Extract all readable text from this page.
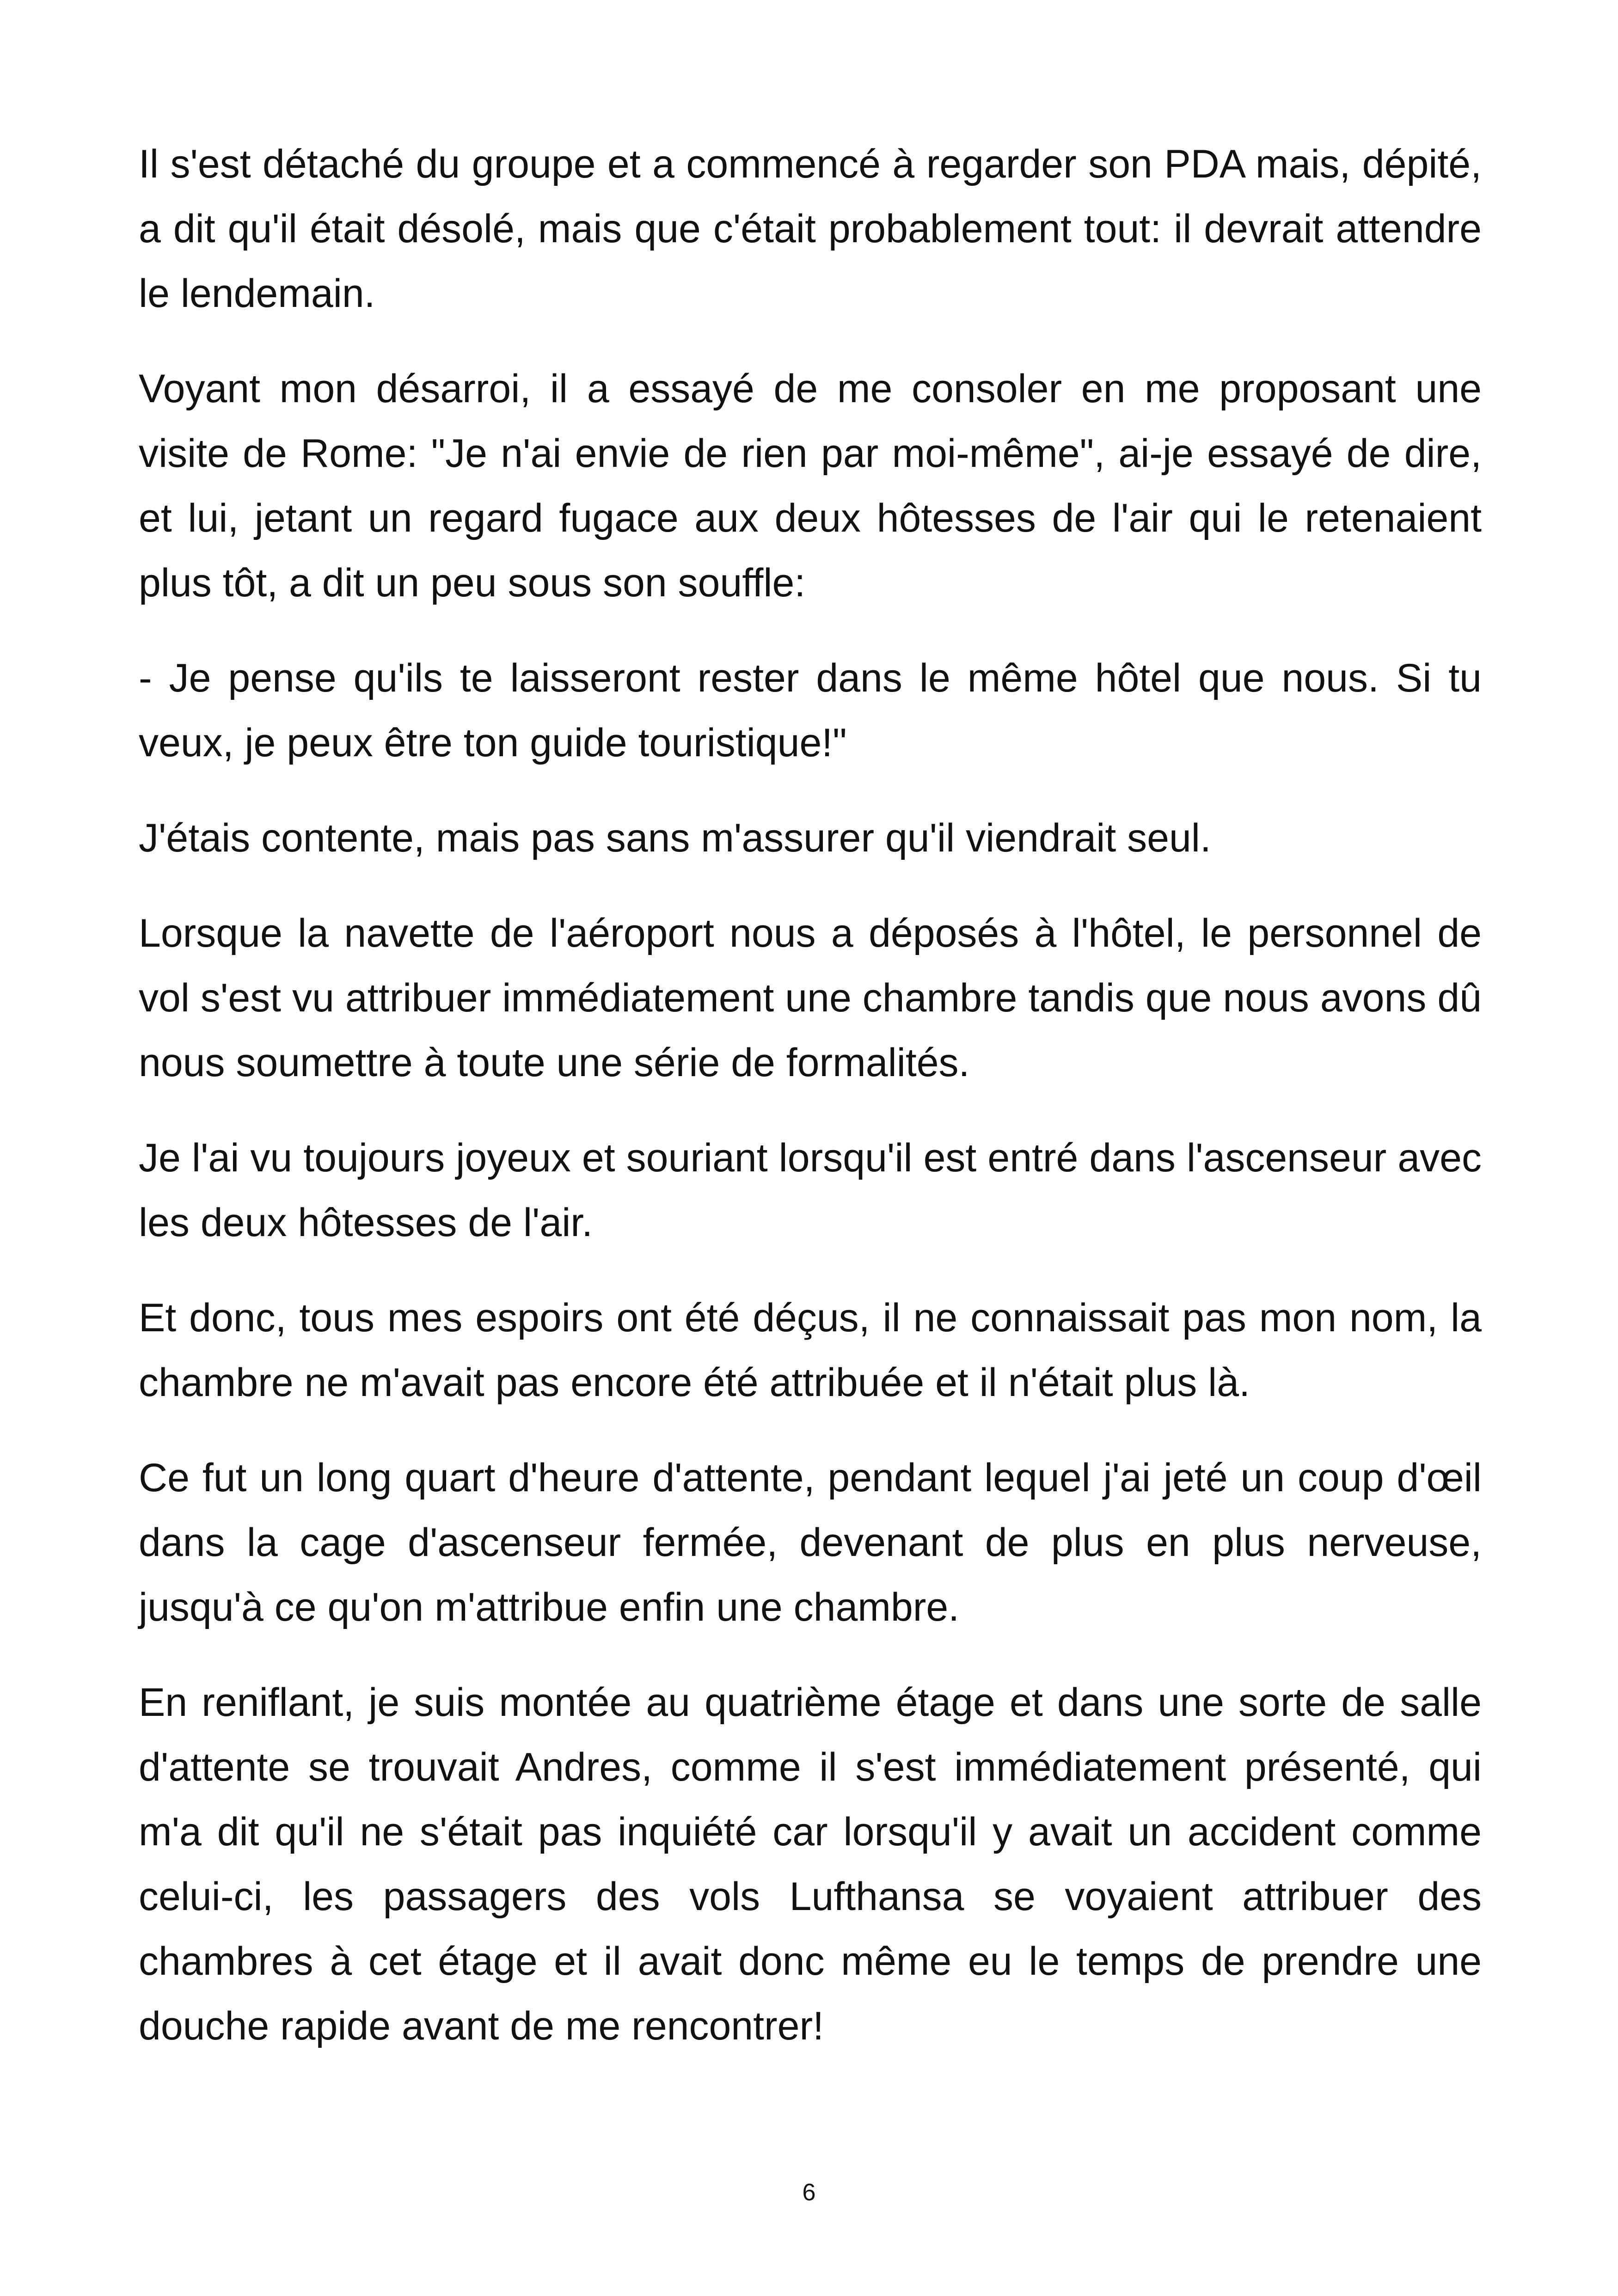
Il s'est détaché du groupe et a commencé à regarder son PDA mais, dépité, a dit qu'il était désolé, mais que c'était probablement tout: il devrait attendre le lendemain.

Voyant mon désarroi, il a essayé de me consoler en me proposant une visite de Rome: "Je n'ai envie de rien par moi-même", ai-je essayé de dire, et lui, jetant un regard fugace aux deux hôtesses de l'air qui le retenaient plus tôt, a dit un peu sous son souffle:

- Je pense qu'ils te laisseront rester dans le même hôtel que nous. Si tu veux, je peux être ton guide touristique!"

J'étais contente, mais pas sans m'assurer qu'il viendrait seul.

Lorsque la navette de l'aéroport nous a déposés à l'hôtel, le personnel de vol s'est vu attribuer immédiatement une chambre tandis que nous avons dû nous soumettre à toute une série de formalités.

Je l'ai vu toujours joyeux et souriant lorsqu'il est entré dans l'ascenseur avec les deux hôtesses de l'air.

Et donc, tous mes espoirs ont été déçus, il ne connaissait pas mon nom, la chambre ne m'avait pas encore été attribuée et il n'était plus là.

Ce fut un long quart d'heure d'attente, pendant lequel j'ai jeté un coup d'œil dans la cage d'ascenseur fermée, devenant de plus en plus nerveuse, jusqu'à ce qu'on m'attribue enfin une chambre.

En reniflant, je suis montée au quatrième étage et dans une sorte de salle d'attente se trouvait Andres, comme il s'est immédiatement présenté, qui m'a dit qu'il ne s'était pas inquiété car lorsqu'il y avait un accident comme celui-ci, les passagers des vols Lufthansa se voyaient attribuer des chambres à cet étage et il avait donc même eu le temps de prendre une douche rapide avant de me rencontrer!

6
